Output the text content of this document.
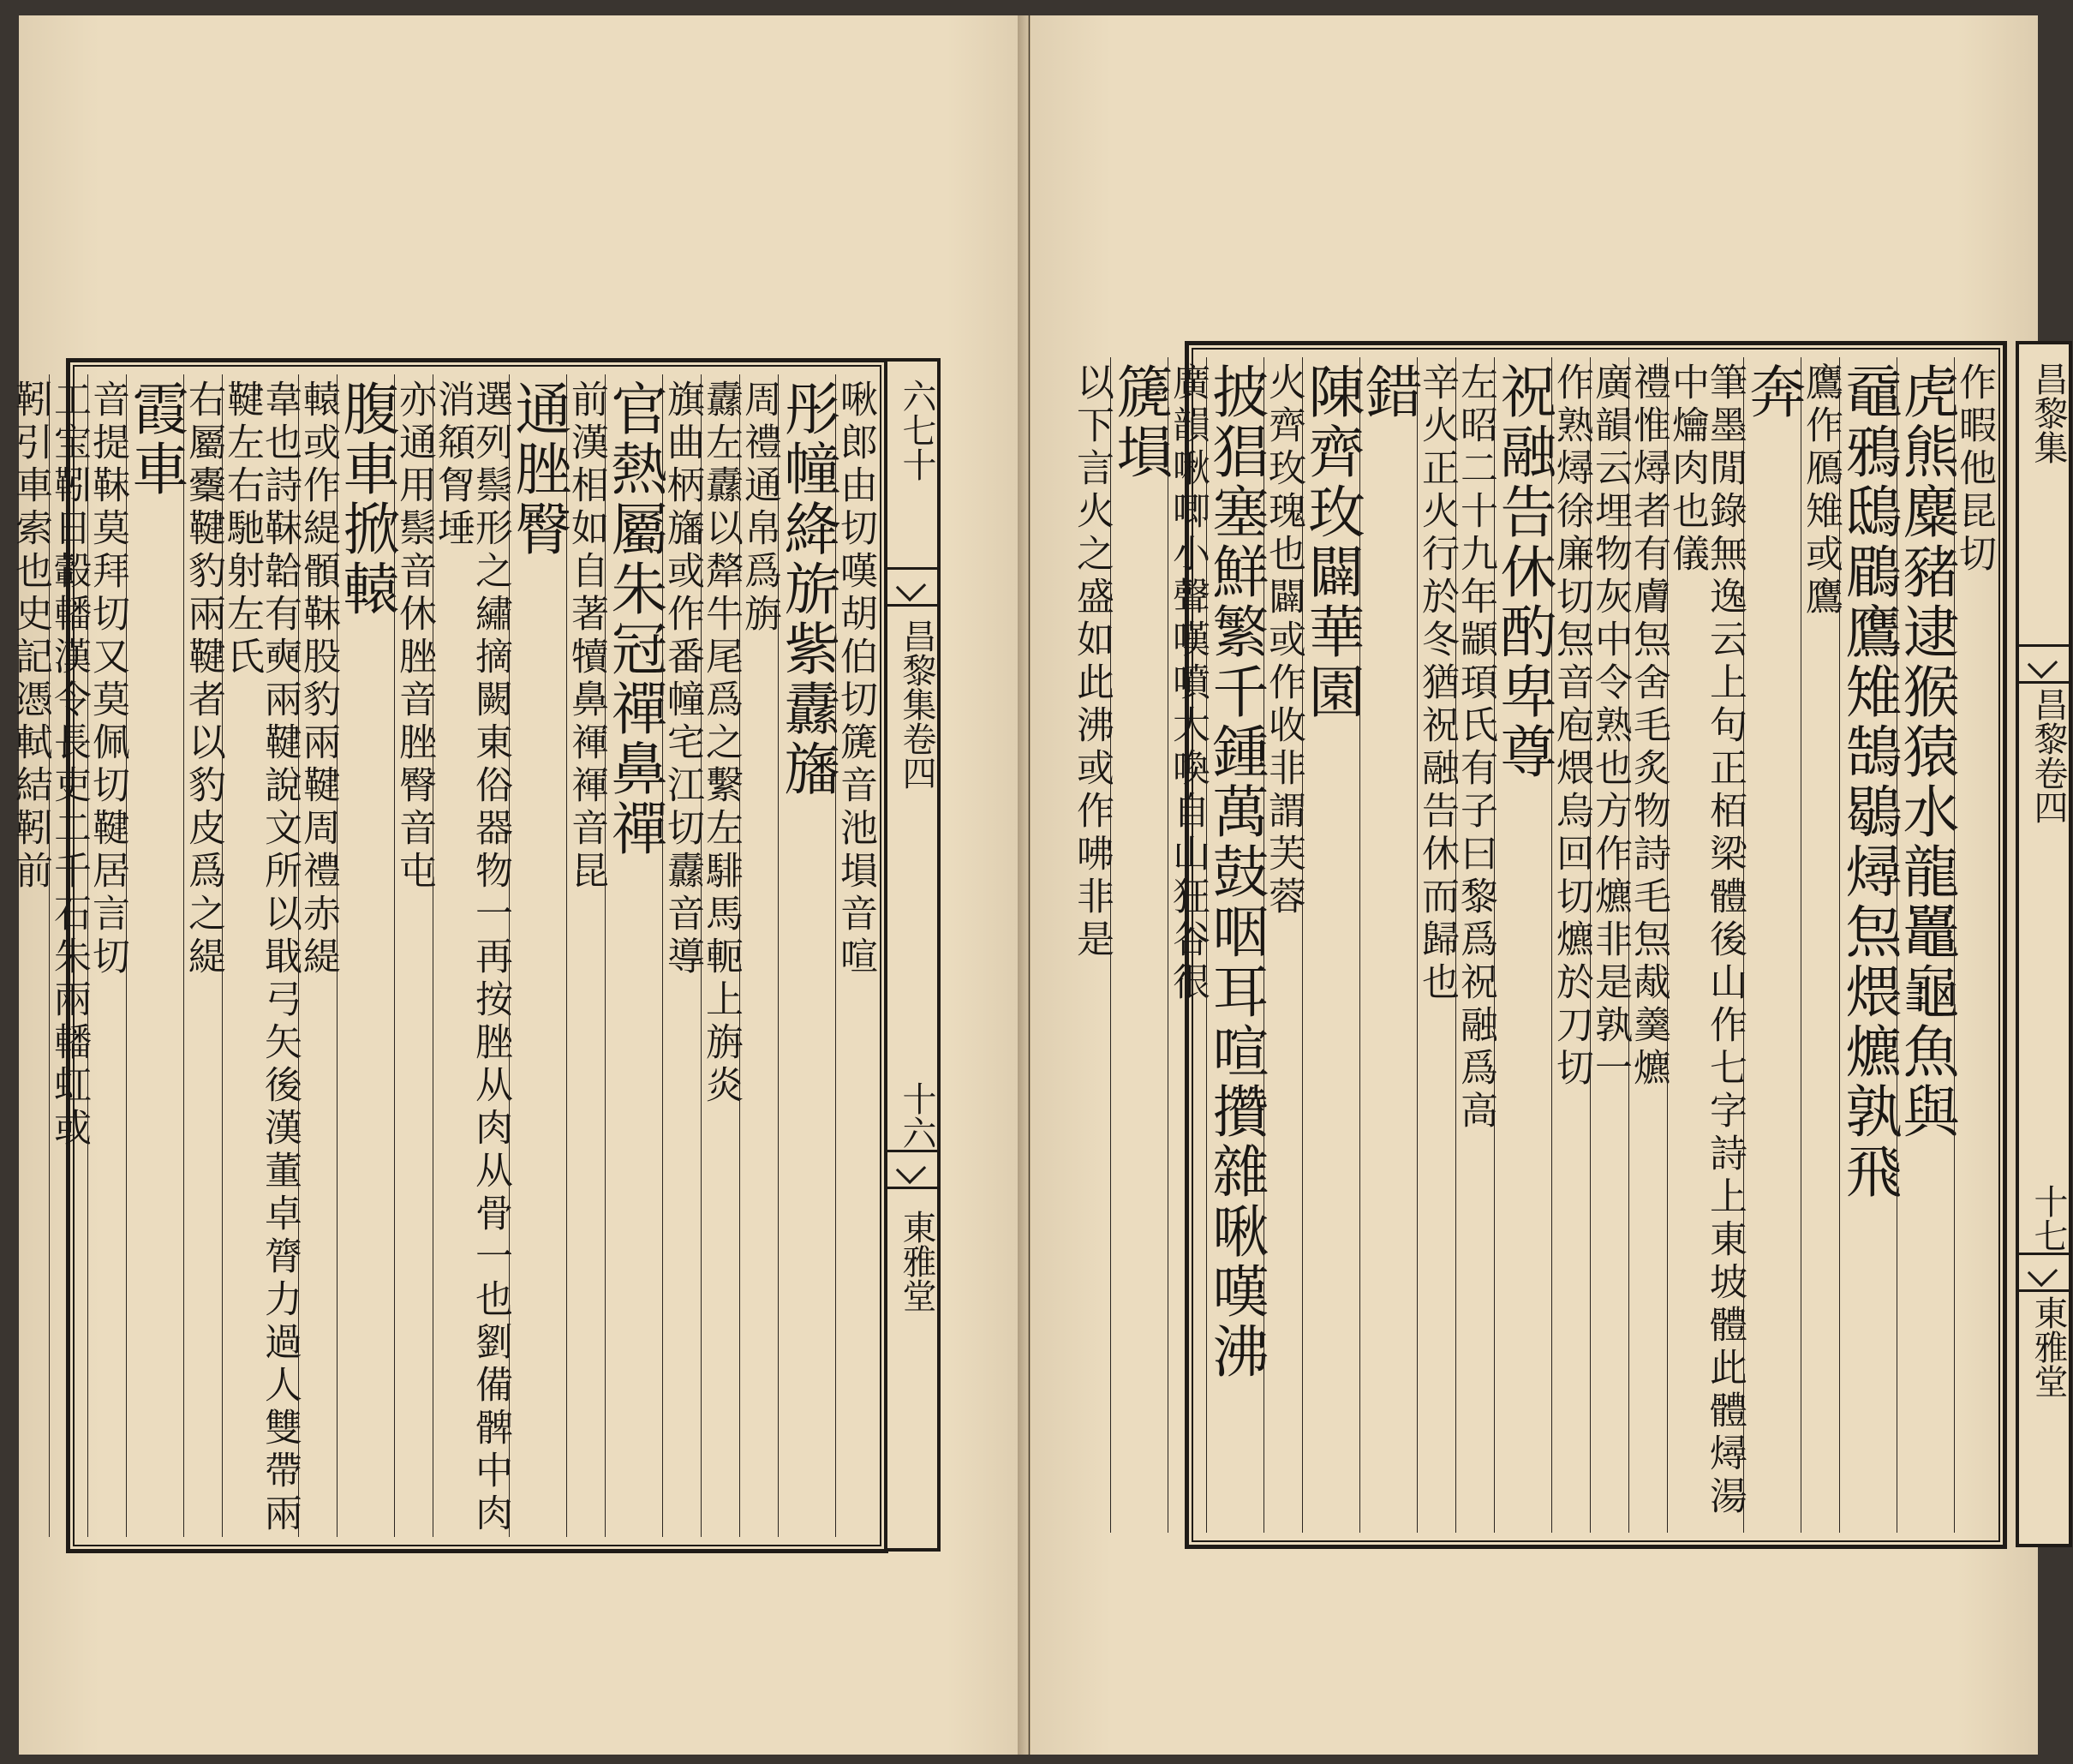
啾郎由切嘆胡伯切篪音池塤音喧
彤幢絳旂紫纛旛
周禮通帛爲旃
纛左纛以犛牛尾爲之繫左騑馬軛上旃炎
旗曲柄旛或作番幢宅江切纛音導
官熱屬朱冠禪鼻禪
前漢相如自著犢鼻褌褌音昆
通脞臀
選列鬃形之繡摘闕東俗器物一再按脞从肉从骨一也劉備髀中肉消頯胷埵
亦通用鬃音休脞音脞臀音屯
腹車掀轅
轅或作緹顝靺股豹兩鞬周禮赤緹
韋也詩靺韐有奭兩鞬說文所以戢弓矢後漢董卓膂力過人雙帶兩鞬左右馳射左氏
右屬櫜鞬豹兩鞬者以豹皮爲之緹
霞車
音提靺莫拜切又莫佩切鞬居言切
工宝靷日轂轓漢令長吏二千石朱兩轓虹或
靷引車索也史記憑軾結靷前	六七十
昌黎集卷四
十六
東雅堂
昌黎集
昌黎卷四
十七
東雅堂
作暇他昆切
虎熊麋豬逮猴猿水龍鼉龜魚與
黿鴉鴟鶥鷹雉鵠鶡燖炰煨爊孰飛
鷹作鴈雉或鷹
奔
筆墨閒錄無逸云上句正栢梁體後山作七字詩上東坡體此體燖湯中爚肉也儀
禮惟燖者有膚炰舍毛炙物詩毛炰胾羹爊
廣韻云埋物灰中令熟也方作爊非是孰一
作熟燖徐廉切炰音庖煨烏回切爊於刀切
祝融告休酌卑尊
左昭二十九年顓頊氏有子曰黎爲祝融爲高
辛火正火行於冬猶祝融告休而歸也
錯
陳齊玫闢華園
火齊玫瑰也闢或作收非謂芙蓉
披猖塞鮮繁千鍾萬鼓咽耳喧攢雜啾嘆沸
廣韻啾唧小聲嘆噴大喚自山狂谷很
篪塤
以下言火之盛如此沸或作咈非是
